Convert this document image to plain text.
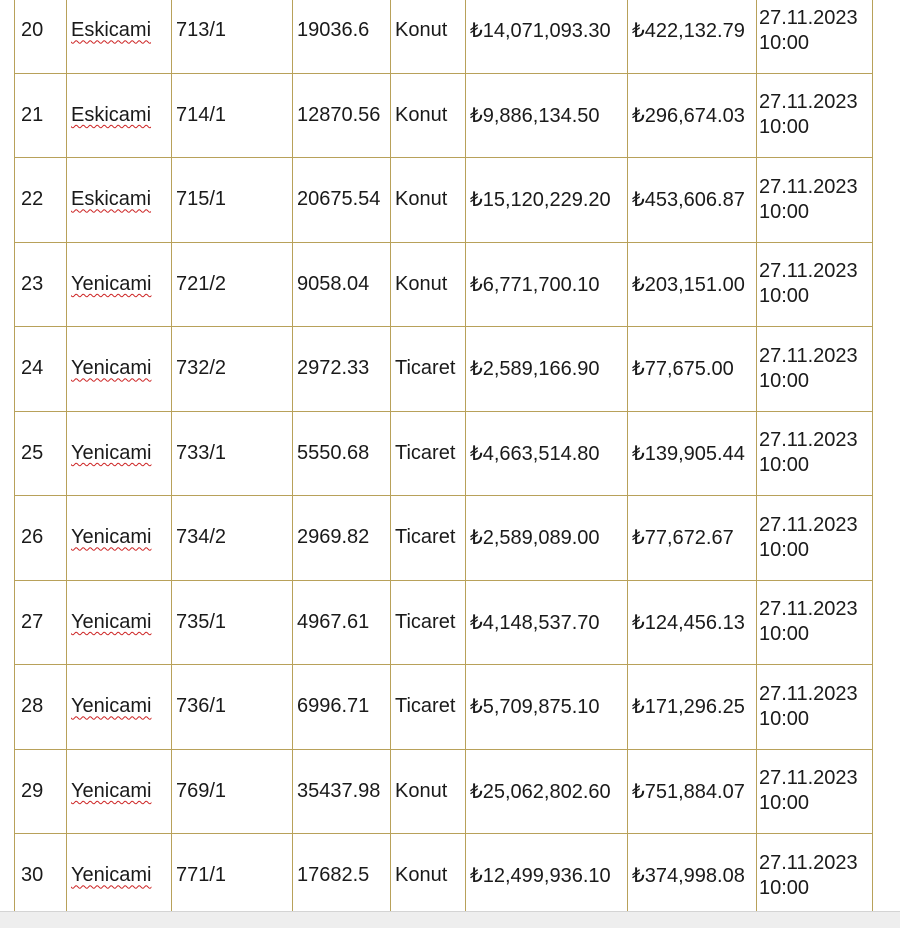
20	Eskicami	713/1	19036.6	Konut	₺14,071,093.30	₺422,132.79	27.11.2023
10:00

21	Eskicami	714/1	12870.56	Konut	₺9,886,134.50	₺296,674.03	27.11.2023
10:00

22	Eskicami	715/1	20675.54	Konut	₺15,120,229.20	₺453,606.87	27.11.2023
10:00

23	Yenicami	721/2	9058.04	Konut	₺6,771,700.10	₺203,151.00	27.11.2023
10:00

24	Yenicami	732/2	2972.33	Ticaret	₺2,589,166.90	₺77,675.00	27.11.2023
10:00

25	Yenicami	733/1	5550.68	Ticaret	₺4,663,514.80	₺139,905.44	27.11.2023
10:00

26	Yenicami	734/2	2969.82	Ticaret	₺2,589,089.00	₺77,672.67	27.11.2023
10:00

27	Yenicami	735/1	4967.61	Ticaret	₺4,148,537.70	₺124,456.13	27.11.2023
10:00

28	Yenicami	736/1	6996.71	Ticaret	₺5,709,875.10	₺171,296.25	27.11.2023
10:00

29	Yenicami	769/1	35437.98	Konut	₺25,062,802.60	₺751,884.07	27.11.2023
10:00

30	Yenicami	771/1	17682.5	Konut	₺12,499,936.10	₺374,998.08	27.11.2023
10:00
